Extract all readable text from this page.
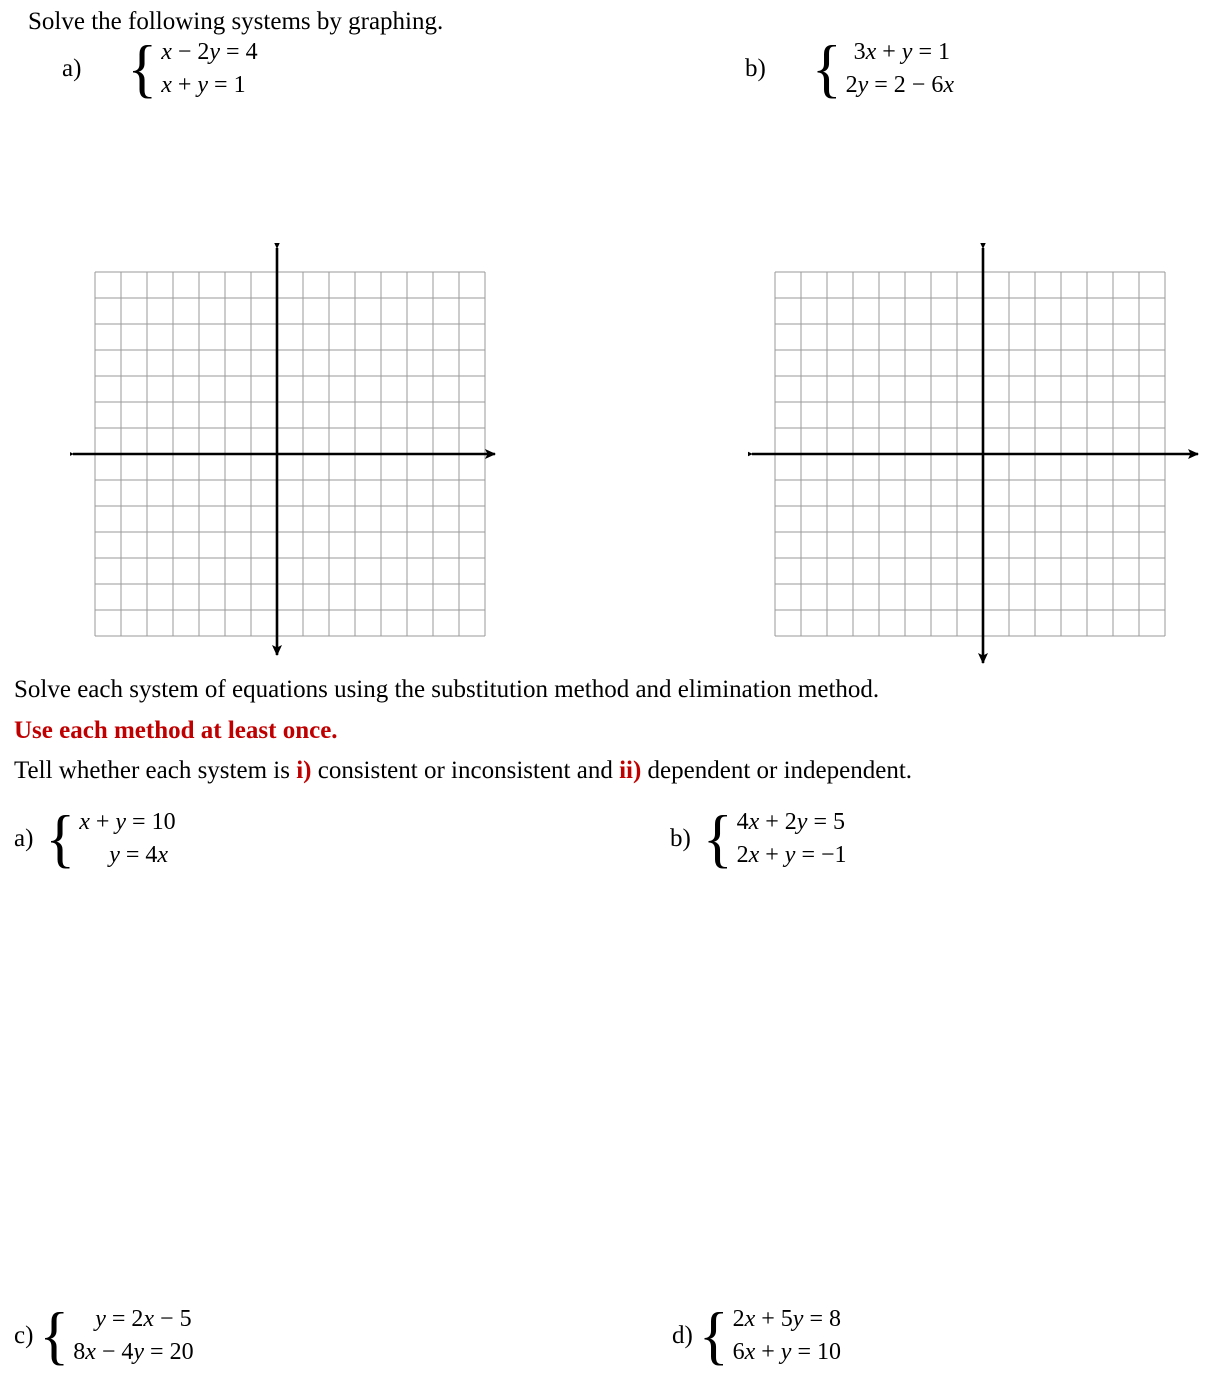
Solve the following systems by graphing.
a) { x − 2y = 4
x + y = 1
b) { 3x + y = 1
2y = 2 − 6x
Solve each system of equations using the substitution method and elimination method.
Use each method at least once.
Tell whether each system is i) consistent or inconsistent and ii) dependent or independent.
a) { x + y = 10
y = 4x
b) { 4x + 2y = 5
2x + y = −1
c) {	y = 2x − 5
8x − 4y = 20
d) { 2x + 5y = 8
6x + y = 10
